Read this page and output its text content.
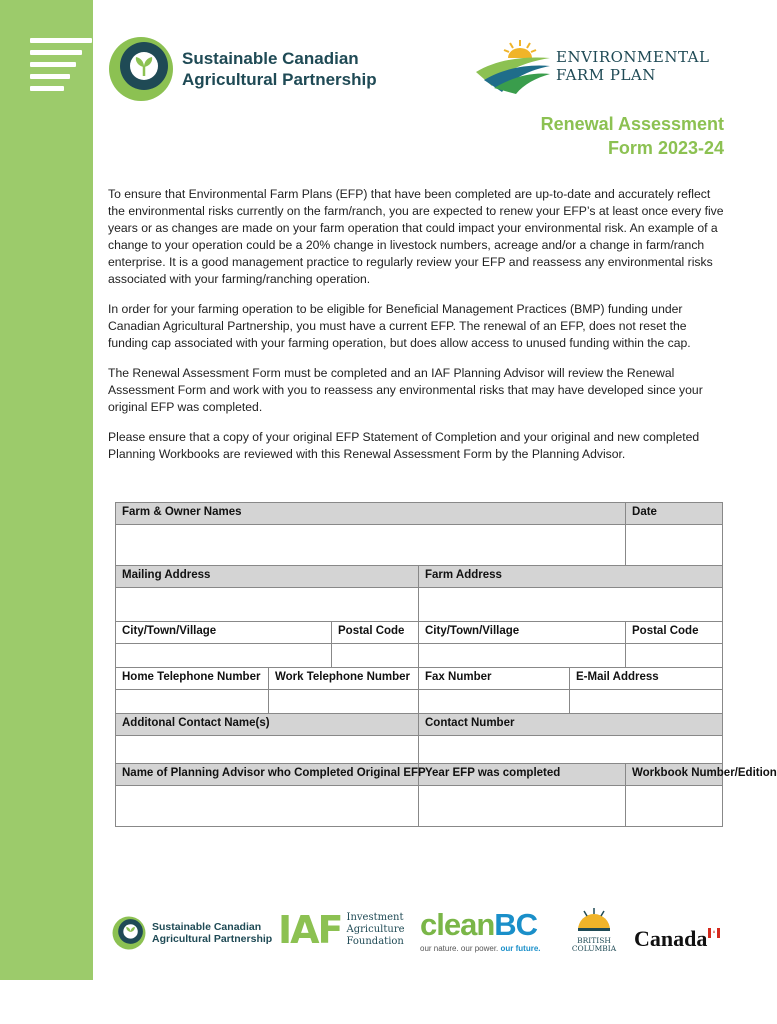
Sustainable Canadian
Agricultural Partnership
ENVIRONMENTAL
FARM PLAN
Renewal Assessment
Form 2023-24

To ensure that Environmental Farm Plans (EFP) that have been completed are up-to-date and accurately reflect the environmental risks currently on the farm/ranch, you are expected to renew your EFP’s at least once every five years or as changes are made on your farm operation that could impact your environmental risk. An example of a change to your operation could be a 20% change in livestock numbers, acreage and/or a change in farm/ranch enterprise. It is a good management practice to regularly review your EFP and reassess any environmental risks associated with your farming/ranching operation.

In order for your farming operation to be eligible for Beneficial Management Practices (BMP) funding under Canadian Agricultural Partnership, you must have a current EFP. The renewal of an EFP, does not reset the funding cap associated with your farming operation, but does allow access to unused funding within the cap.

The Renewal Assessment Form must be completed and an IAF Planning Advisor will review the Renewal Assessment Form and work with you to reassess any environmental risks that may have developed since your original EFP was completed.

Please ensure that a copy of your original EFP Statement of Completion and your original and new completed Planning Workbooks are reviewed with this Renewal Assessment Form by the Planning Advisor.

Farm & Owner Names					Date

Mailing Address			Farm Address		

City/Town/Village		Postal Code	City/Town/Village		Postal Code

Home Telephone Number	Work Telephone Number		Fax Number	E-Mail Address	

Additonal Contact Name(s)			Contact Number		

Name of Planning Advisor who Completed Original EFP			Year EFP was completed		Workbook Number/Edition

Sustainable Canadian
Agricultural Partnership IAF Investment
Agriculture
Foundation cleanBC
our nature. our power. our future.
BRITISH
COLUMBIA Canada
